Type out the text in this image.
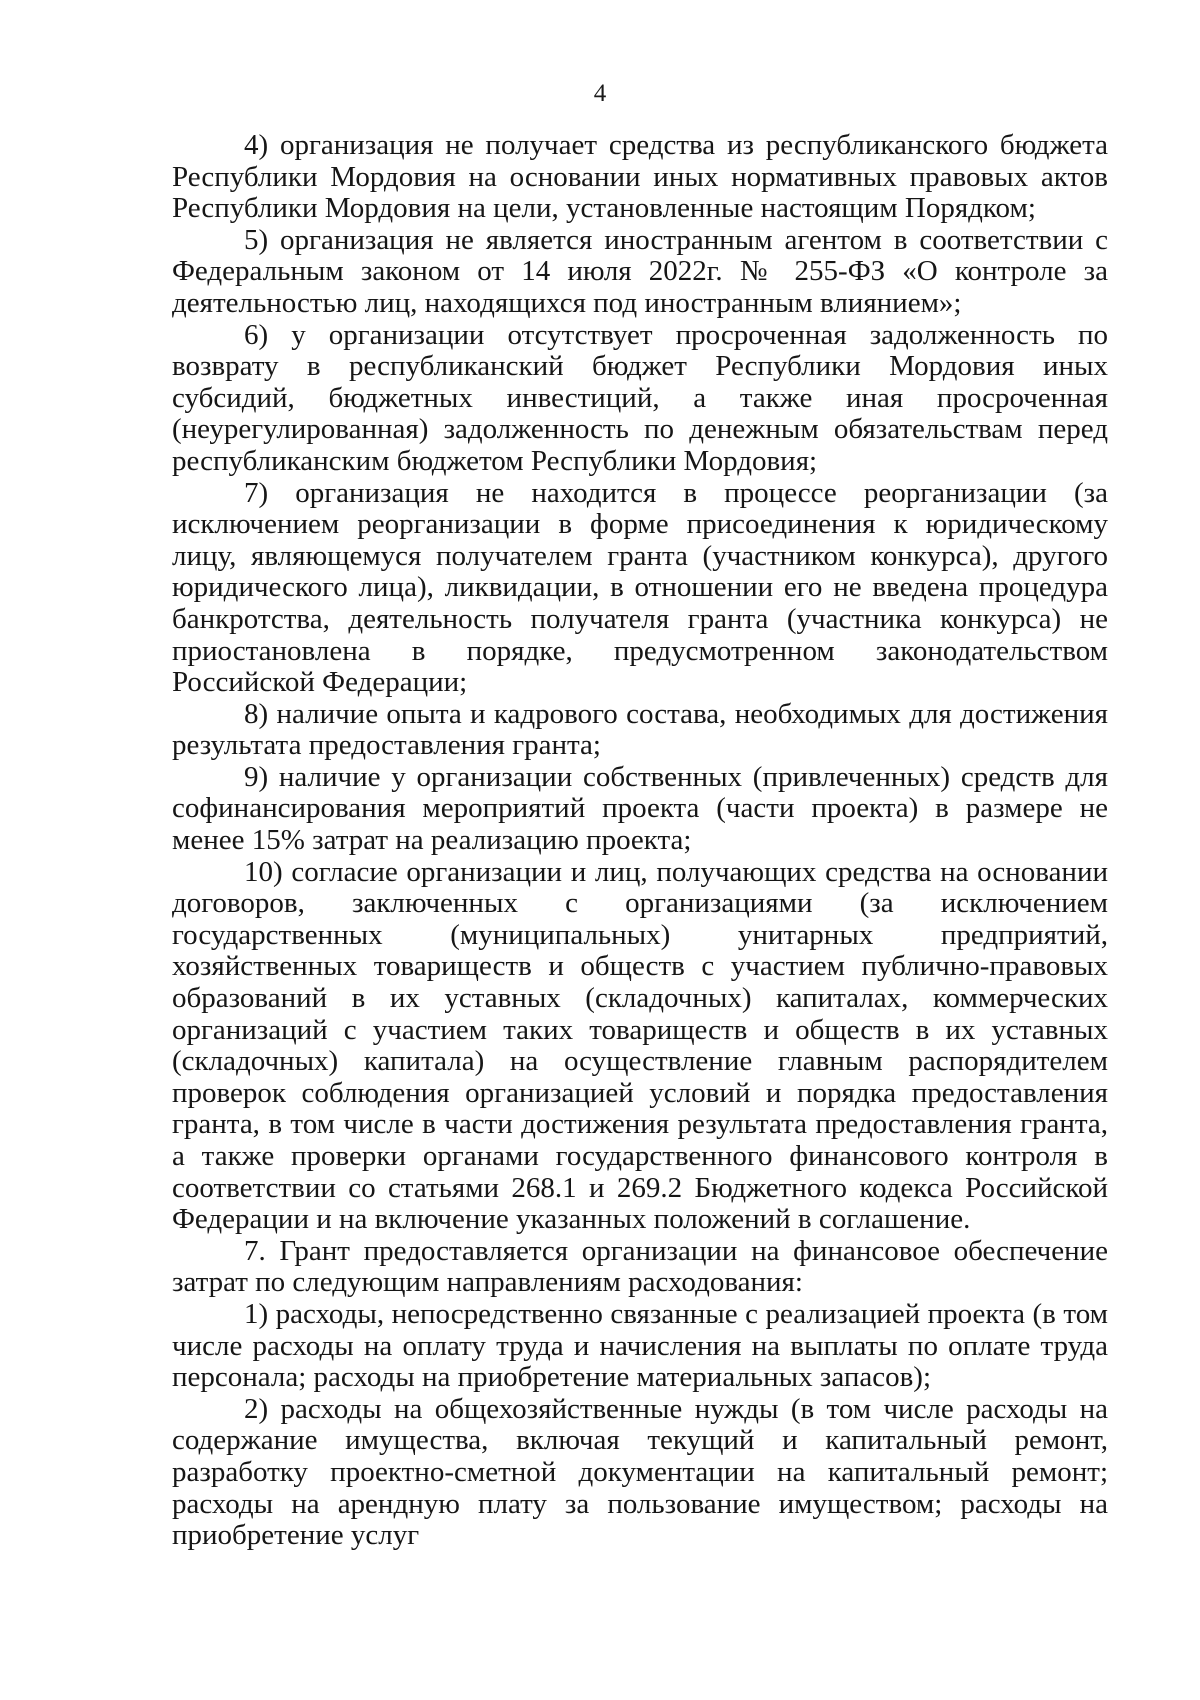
4

4) организация не получает средства из республиканского бюджета Республики Мордовия на основании иных нормативных правовых актов Республики Мордовия на цели, установленные настоящим Порядком;

5) организация не является иностранным агентом в соответствии с Федеральным законом от 14 июля 2022г. № 255-ФЗ «О контроле за деятельностью лиц, находящихся под иностранным влиянием»;

6) у организации отсутствует просроченная задолженность по возврату в республиканский бюджет Республики Мордовия иных субсидий, бюджетных инвестиций, а также иная просроченная (неурегулированная) задолженность по денежным обязательствам перед республиканским бюджетом Республики Мордовия;

7) организация не находится в процессе реорганизации (за исключением реорганизации в форме присоединения к юридическому лицу, являющемуся получателем гранта (участником конкурса), другого юридического лица), ликвидации, в отношении его не введена процедура банкротства, деятельность получателя гранта (участника конкурса) не приостановлена в порядке, предусмотренном законодательством Российской Федерации;

8) наличие опыта и кадрового состава, необходимых для достижения результата предоставления гранта;

9) наличие у организации собственных (привлеченных) средств для софинансирования мероприятий проекта (части проекта) в размере не менее 15% затрат на реализацию проекта;

10) согласие организации и лиц, получающих средства на основании договоров, заключенных с организациями (за исключением государственных (муниципальных) унитарных предприятий, хозяйственных товариществ и обществ с участием публично-правовых образований в их уставных (складочных) капиталах, коммерческих организаций с участием таких товариществ и обществ в их уставных (складочных) капитала) на осуществление главным распорядителем проверок соблюдения организацией условий и порядка предоставления гранта, в том числе в части достижения результата предоставления гранта, а также проверки органами государственного финансового контроля в соответствии со статьями 268.1 и 269.2 Бюджетного кодекса Российской Федерации и на включение указанных положений в соглашение.

7. Грант предоставляется организации на финансовое обеспечение затрат по следующим направлениям расходования:

1) расходы, непосредственно связанные с реализацией проекта (в том числе расходы на оплату труда и начисления на выплаты по оплате труда персонала; расходы на приобретение материальных запасов);

2) расходы на общехозяйственные нужды (в том числе расходы на содержание имущества, включая текущий и капитальный ремонт, разработку проектно-сметной документации на капитальный ремонт; расходы на арендную плату за пользование имуществом; расходы на приобретение услуг
